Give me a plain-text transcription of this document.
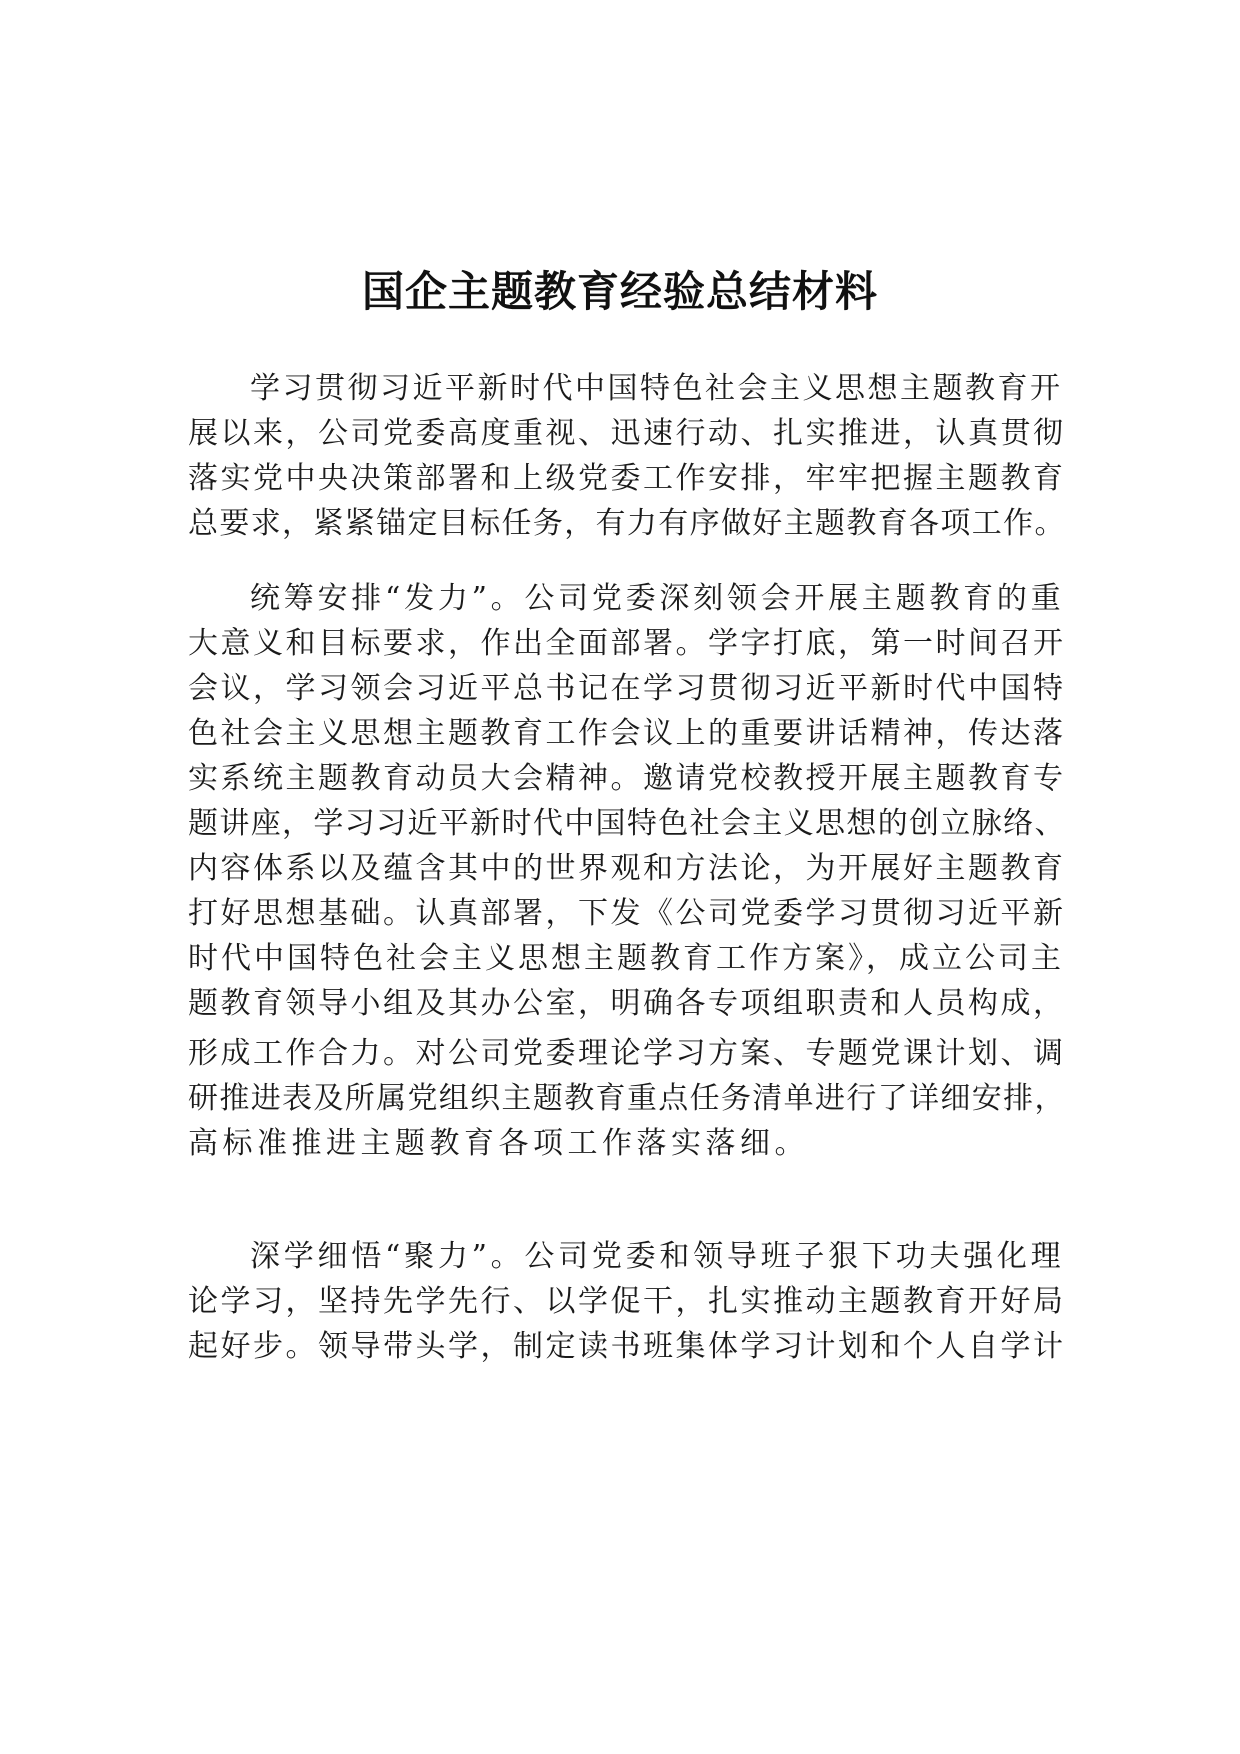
国企主题教育经验总结材料
学习贯彻习近平新时代中国特色社会主义思想主题教育开
展以来，公司党委高度重视、迅速行动、扎实推进，认真贯彻
落实党中央决策部署和上级党委工作安排，牢牢把握主题教育
总要求，紧紧锚定目标任务，有力有序做好主题教育各项工作。
统筹安排“发力”。公司党委深刻领会开展主题教育的重
大意义和目标要求，作出全面部署。学字打底，第一时间召开
会议，学习领会习近平总书记在学习贯彻习近平新时代中国特
色社会主义思想主题教育工作会议上的重要讲话精神，传达落
实系统主题教育动员大会精神。邀请党校教授开展主题教育专
题讲座，学习习近平新时代中国特色社会主义思想的创立脉络、
内容体系以及蕴含其中的世界观和方法论，为开展好主题教育
打好思想基础。认真部署，下发《公司党委学习贯彻习近平新
时代中国特色社会主义思想主题教育工作方案》，成立公司主
题教育领导小组及其办公室，明确各专项组职责和人员构成，
形成工作合力。对公司党委理论学习方案、专题党课计划、调
研推进表及所属党组织主题教育重点任务清单进行了详细安排，
高标准推进主题教育各项工作落实落细。
深学细悟“聚力”。公司党委和领导班子狠下功夫强化理
论学习，坚持先学先行、以学促干，扎实推动主题教育开好局
起好步。领导带头学，制定读书班集体学习计划和个人自学计
